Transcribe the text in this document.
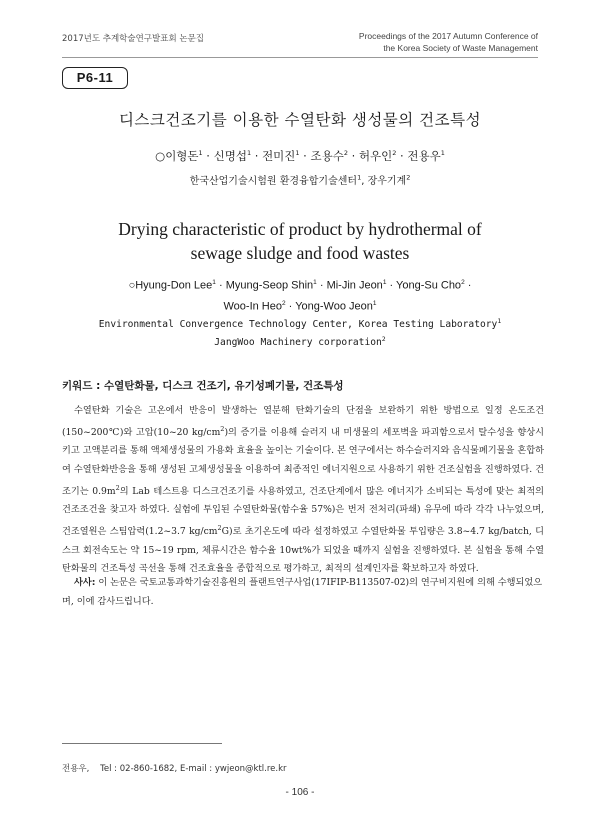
2017년도 추계학술연구발표회 논문집	Proceedings of the 2017 Autumn Conference of
the Korea Society of Waste Management
P6-11
디스크건조기를 이용한 수열탄화 생성물의 건조특성
○이형돈$^1$ · 신명섭$^1$ · 전미진$^1$ · 조용수$^2$ · 허우인$^2$ · 전용우$^1$
한국산업기술시험원 환경융합기술센터$^1$, 장우기계$^2$
Drying characteristic of product by hydrothermal of
sewage sludge and food wastes
○Hyung-Don Lee$^1$ · Myung-Seop Shin$^1$ · Mi-Jin Jeon$^1$ · Yong-Su Cho$^2$ ·
Woo-In Heo$^2$ · Yong-Woo Jeon$^1$
Environmental Convergence Technology Center, Korea Testing Laboratory$^1$
JangWoo Machinery corporation$^2$
키워드 : 수열탄화물, 디스크 건조기, 유기성폐기물, 건조특성
수열탄화 기술은 고온에서 반응이 발생하는 열분해 탄화기술의 단점을 보완하기 위한 방법으로 일정 온도조건(150~200℃)와 고압(10~20 $kg/cm^2$)의 증기를 이용해 슬러지 내 미생물의 세포벽을 파괴함으로서 탈수성을 향상시키고 고액분리를 통해 액체생성물의 가용화 효율을 높이는 기술이다. 본 연구에서는 하수슬러지와 음식물폐기물을 혼합하여 수열탄화반응을 통해 생성된 고체생성물을 이용하여 최종적인 에너지원으로 사용하기 위한 건조실험을 진행하였다. 건조기는 $0.9m^2$의 Lab 테스트용 디스크건조기를 사용하였고, 건조단계에서 많은 에너지가 소비되는 특성에 맞는 최적의 건조조건을 찾고자 하였다. 실험에 투입된 수열탄화물(함수율 57%)은 번저 전처리(파쇄) 유무에 따라 각각 나누었으며, 건조열원은 스팀압력(1.2~3.7 $kg/cm^2G$)로 초기온도에 따라 설정하였고 수열탄화물 투입량은 3.8~4.7 kg/batch, 디스크 회전속도는 약 15~19 rpm, 체류시간은 함수율 10wt%가 되었을 때까지 실험을 진행하였다. 본 실험을 통해 수열탄화물의 건조특성 곡선을 통해 건조효율을 종합적으로 평가하고, 최적의 설계인자를 확보하고자 하였다.
사사: 이 논문은 국토교통과학기술진흥원의 플랜트연구사업(17IFIP-B113507-02)의 연구비지원에 의해 수행되었으며, 이에 감사드립니다.
전용우,    Tel : 02-860-1682, E-mail : ywjeon@ktl.re.kr
- 106 -
